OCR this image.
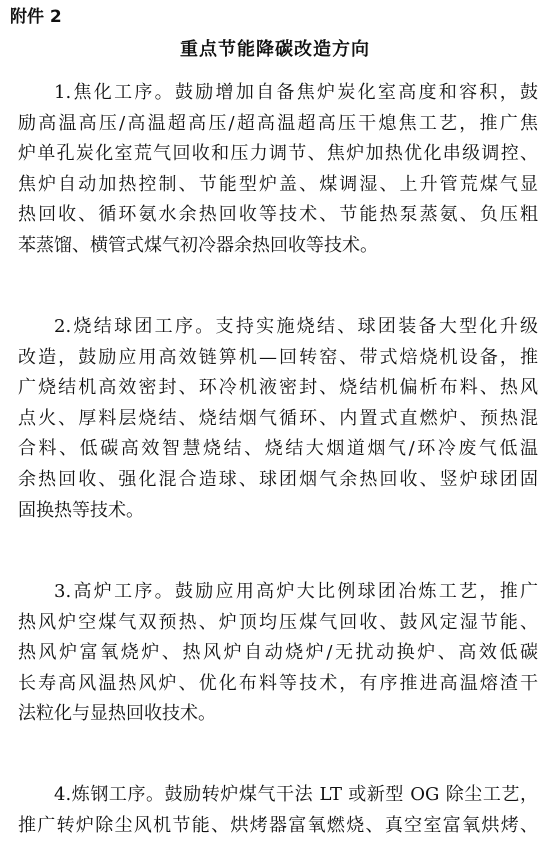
附件 2
重点节能降碳改造方向
1.焦化工序。鼓励增加自备焦炉炭化室高度和容积，鼓
励高温高压/高温超高压/超高温超高压干熄焦工艺，推广焦
炉单孔炭化室荒气回收和压力调节、焦炉加热优化串级调控、
焦炉自动加热控制、节能型炉盖、煤调湿、上升管荒煤气显
热回收、循环氨水余热回收等技术、节能热泵蒸氨、负压粗
苯蒸馏、横管式煤气初冷器余热回收等技术。
2.烧结球团工序。支持实施烧结、球团装备大型化升级
改造，鼓励应用高效链箅机—回转窑、带式焙烧机设备，推
广烧结机高效密封、环冷机液密封、烧结机偏析布料、热风
点火、厚料层烧结、烧结烟气循环、内置式直燃炉、预热混
合料、低碳高效智慧烧结、烧结大烟道烟气/环冷废气低温
余热回收、强化混合造球、球团烟气余热回收、竖炉球团固
固换热等技术。
3.高炉工序。鼓励应用高炉大比例球团冶炼工艺，推广
热风炉空煤气双预热、炉顶均压煤气回收、鼓风定湿节能、
热风炉富氧烧炉、热风炉自动烧炉/无扰动换炉、高效低碳
长寿高风温热风炉、优化布料等技术，有序推进高温熔渣干
法粒化与显热回收技术。
4.炼钢工序。鼓励转炉煤气干法 LT 或新型 OG 除尘工艺，
推广转炉除尘风机节能、烘烤器富氧燃烧、真空室富氧烘烤、
